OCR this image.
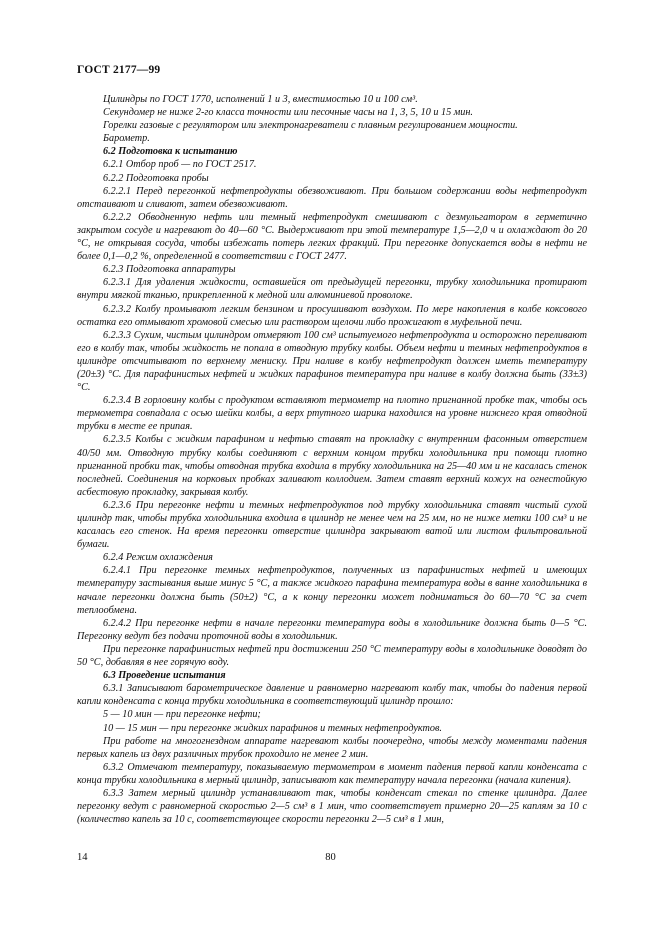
ГОСТ 2177—99

Цилиндры по ГОСТ 1770, исполнений 1 и 3, вместимостью 10 и 100 см³.

Секундомер не ниже 2-го класса точности или песочные часы на 1, 3, 5, 10 и 15 мин.

Горелки газовые с регулятором или электронагреватели с плавным регулированием мощности.

Барометр.

6.2 Подготовка к испытанию

6.2.1 Отбор проб — по ГОСТ 2517.

6.2.2 Подготовка пробы

6.2.2.1 Перед перегонкой нефтепродукты обезвоживают. При большом содержании воды нефтепродукт отстаивают и сливают, затем обезвоживают.

6.2.2.2 Обводненную нефть или темный нефтепродукт смешивают с дезмульгатором в герметично закрытом сосуде и нагревают до 40—60 °С. Выдерживают при этой температуре 1,5—2,0 ч и охлаждают до 20 °С, не открывая сосуда, чтобы избежать потерь легких фракций. При перегонке допускается воды в нефти не более 0,1—0,2 %, определенной в соответствии с ГОСТ 2477.

6.2.3 Подготовка аппаратуры

6.2.3.1 Для удаления жидкости, оставшейся от предыдущей перегонки, трубку холодильника протирают внутри мягкой тканью, прикрепленной к медной или алюминиевой проволоке.

6.2.3.2 Колбу промывают легким бензином и просушивают воздухом. По мере накопления в колбе коксового остатка его отмывают хромовой смесью или раствором щелочи либо прожигают в муфельной печи.

6.2.3.3 Сухим, чистым цилиндром отмеряют 100 см³ испытуемого нефтепродукта и осторожно переливают его в колбу так, чтобы жидкость не попала в отводную трубку колбы. Объем нефти и темных нефтепродуктов в цилиндре отсчитывают по верхнему мениску. При наливе в колбу нефтепродукт должен иметь температуру (20±3) °С. Для парафинистых нефтей и жидких парафинов температура при наливе в колбу должна быть (33±3) °С.

6.2.3.4 В горловину колбы с продуктом вставляют термометр на плотно пригнанной пробке так, чтобы ось термометра совпадала с осью шейки колбы, а верх ртутного шарика находился на уровне нижнего края отводной трубки в месте ее припая.

6.2.3.5 Колбы с жидким парафином и нефтью ставят на прокладку с внутренним фасонным отверстием 40/50 мм. Отводную трубку колбы соединяют с верхним концом трубки холодильника при помощи плотно пригнанной пробки так, чтобы отводная трубка входила в трубку холодильника на 25—40 мм и не касалась стенок последней. Соединения на корковых пробках заливают коллодием. Затем ставят верхний кожух на огнестойкую асбестовую прокладку, закрывая колбу.

6.2.3.6 При перегонке нефти и темных нефтепродуктов под трубку холодильника ставят чистый сухой цилиндр так, чтобы трубка холодильника входила в цилиндр не менее чем на 25 мм, но не ниже метки 100 см³ и не касалась его стенок. На время перегонки отверстие цилиндра закрывают ватой или листом фильтровальной бумаги.

6.2.4 Режим охлаждения

6.2.4.1 При перегонке темных нефтепродуктов, полученных из парафинистых нефтей и имеющих температуру застывания выше минус 5 °С, а также жидкого парафина температура воды в ванне холодильника в начале перегонки должна быть (50±2) °С, а к концу перегонки может подниматься до 60—70 °С за счет теплообмена.

6.2.4.2 При перегонке нефти в начале перегонки температура воды в холодильнике должна быть 0—5 °С. Перегонку ведут без подачи проточной воды в холодильник.

При перегонке парафинистых нефтей при достижении 250 °С температуру воды в холодильнике доводят до 50 °С, добавляя в нее горячую воду.

6.3 Проведение испытания

6.3.1 Записывают барометрическое давление и равномерно нагревают колбу так, чтобы до падения первой капли конденсата с конца трубки холодильника в соответствующий цилиндр прошло:

5 — 10 мин — при перегонке нефти;

10 — 15 мин — при перегонке жидких парафинов и темных нефтепродуктов.

При работе на многогнездном аппарате нагревают колбы поочередно, чтобы между моментами падения первых капель из двух различных трубок проходило не менее 2 мин.

6.3.2 Отмечают температуру, показываемую термометром в момент падения первой капли конденсата с конца трубки холодильника в мерный цилиндр, записывают как температуру начала перегонки (начала кипения).

6.3.3 Затем мерный цилиндр устанавливают так, чтобы конденсат стекал по стенке цилиндра. Далее перегонку ведут с равномерной скоростью 2—5 см³ в 1 мин, что соответствует примерно 20—25 каплям за 10 с (количество капель за 10 с, соответствующее скорости перегонки 2—5 см³ в 1 мин,

14	80
